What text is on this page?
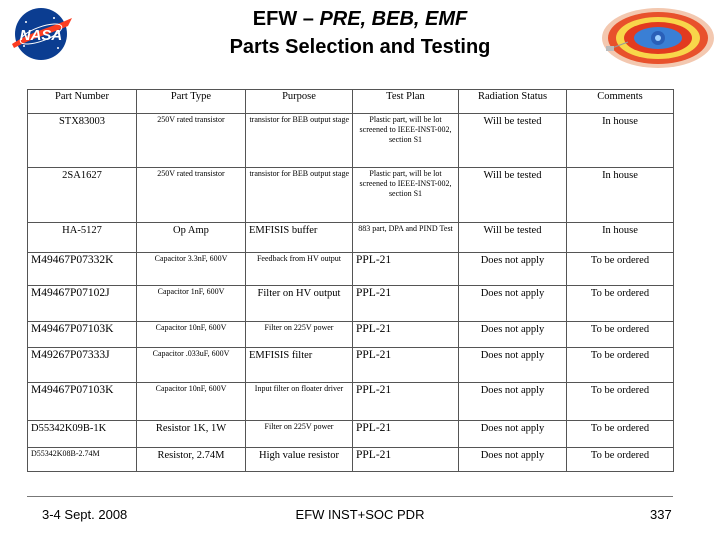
NASA
EFW – PRE, BEB, EMF
Parts Selection and Testing
Part Number	Part Type	Purpose	Test Plan	Radiation Status	Comments
STX83003	250V rated transistor	transistor for BEB output stage	Plastic part, will be lot screened to IEEE-INST-002, section S1	Will be tested	In house
2SA1627	250V rated transistor	transistor for BEB output stage	Plastic part, will be lot screened to IEEE-INST-002, section S1	Will be tested	In house
HA-5127	Op Amp	EMFISIS buffer	883 part, DPA and PIND Test	Will be tested	In house
M49467P07332K	Capacitor 3.3nF, 600V	Feedback from HV output	PPL-21	Does not apply	To be ordered
M49467P07102J	Capacitor 1nF, 600V	Filter on HV output	PPL-21	Does not apply	To be ordered
M49467P07103K	Capacitor 10nF, 600V	Filter on 225V power	PPL-21	Does not apply	To be ordered
M49267P07333J	Capacitor .033uF, 600V	EMFISIS filter	PPL-21	Does not apply	To be ordered
M49467P07103K	Capacitor 10nF, 600V	Input filter on floater driver	PPL-21	Does not apply	To be ordered
D55342K09B-1K	Resistor 1K, 1W	Filter on 225V power	PPL-21	Does not apply	To be ordered
D55342K08B-2.74M	Resistor, 2.74M	High value resistor	PPL-21	Does not apply	To be ordered
3-4 Sept. 2008	EFW INST+SOC PDR	337
